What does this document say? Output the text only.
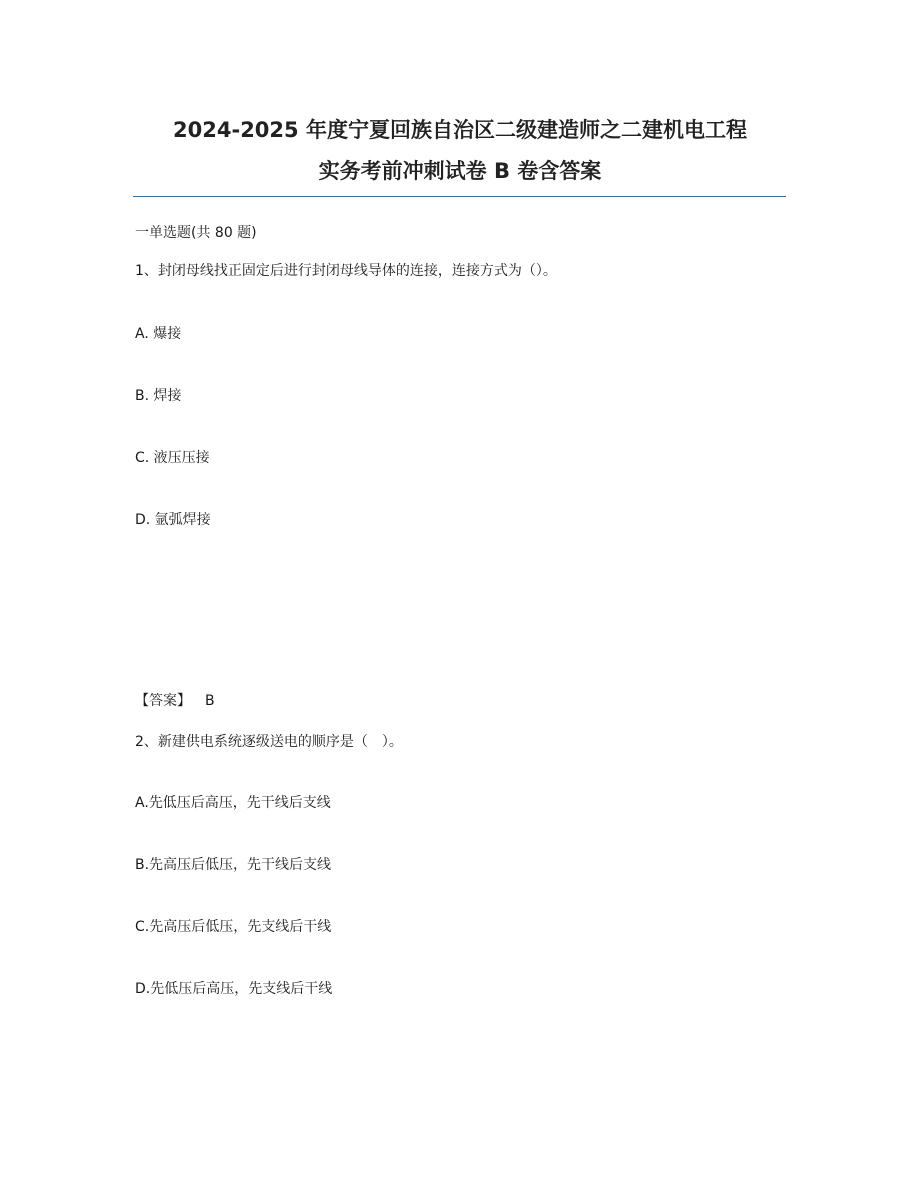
2024-2025 年度宁夏回族自治区二级建造师之二建机电工程
实务考前冲刺试卷 B 卷含答案
一单选题(共 80 题)
1、封闭母线找正固定后进行封闭母线导体的连接，连接方式为（）。
A. 爆接
B. 焊接
C. 液压压接
D. 氩弧焊接
【答案】 B
2、新建供电系统逐级送电的顺序是（　）。
A.先低压后高压，先干线后支线
B.先高压后低压，先干线后支线
C.先高压后低压，先支线后干线
D.先低压后高压，先支线后干线
